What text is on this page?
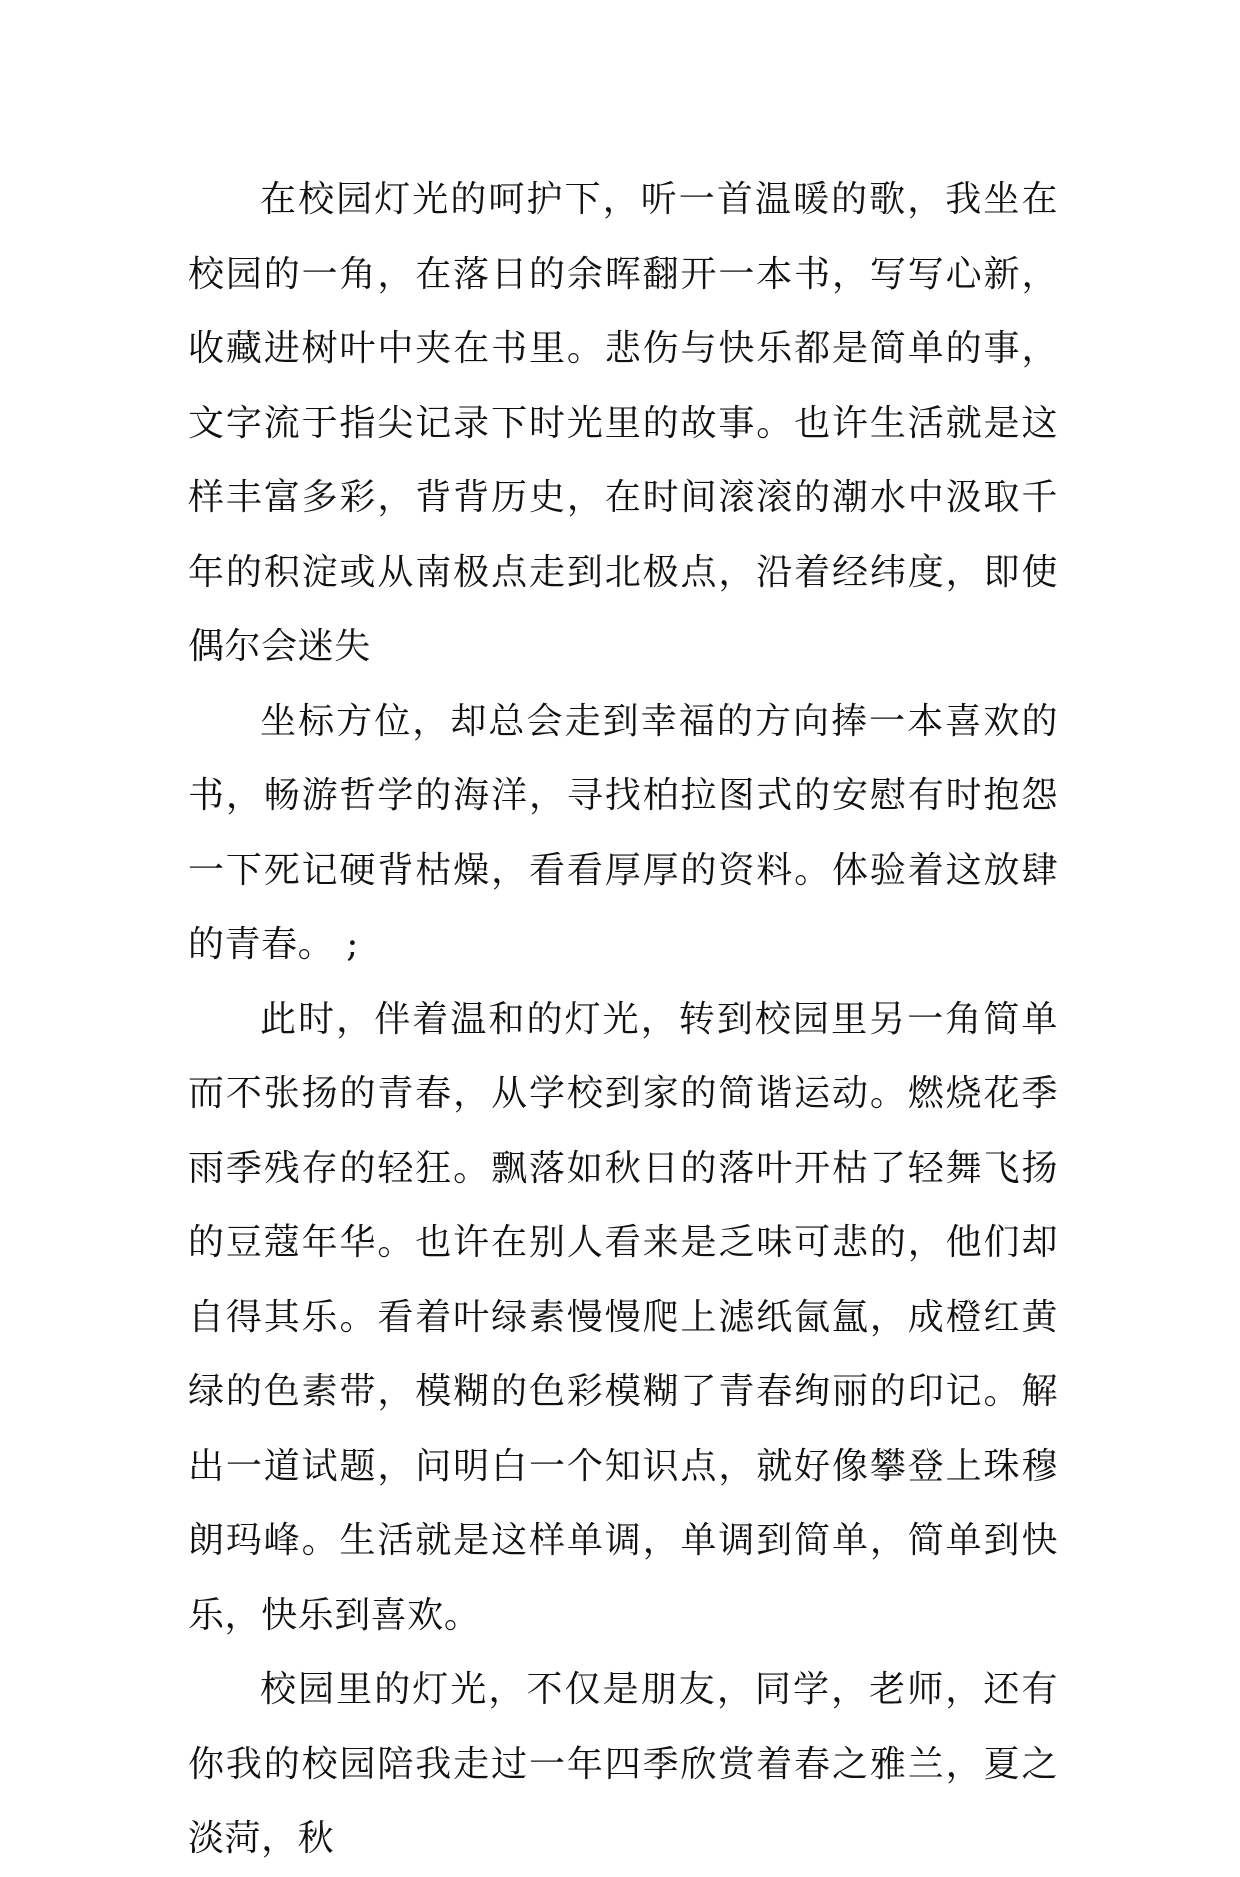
在校园灯光的呵护下，听一首温暖的歌，我坐在校园的一角，在落日的余晖翻开一本书，写写心新，收藏进树叶中夹在书里。悲伤与快乐都是简单的事，文字流于指尖记录下时光里的故事。也许生活就是这样丰富多彩，背背历史，在时间滚滚的潮水中汲取千年的积淀或从南极点走到北极点，沿着经纬度，即使偶尔会迷失

坐标方位，却总会走到幸福的方向捧一本喜欢的书，畅游哲学的海洋，寻找柏拉图式的安慰有时抱怨一下死记硬背枯燥，看看厚厚的资料。体验着这放肆的青春。 ;

此时，伴着温和的灯光，转到校园里另一角简单而不张扬的青春，从学校到家的简谐运动。燃烧花季雨季残存的轻狂。飘落如秋日的落叶开枯了轻舞飞扬的豆蔻年华。也许在别人看来是乏味可悲的，他们却自得其乐。看着叶绿素慢慢爬上滤纸氤氲，成橙红黄绿的色素带，模糊的色彩模糊了青春绚丽的印记。解出一道试题，问明白一个知识点，就好像攀登上珠穆朗玛峰。生活就是这样单调，单调到简单，简单到快乐，快乐到喜欢。

校园里的灯光，不仅是朋友，同学，老师，还有你我的校园陪我走过一年四季欣赏着春之雅兰，夏之淡菏，秋
